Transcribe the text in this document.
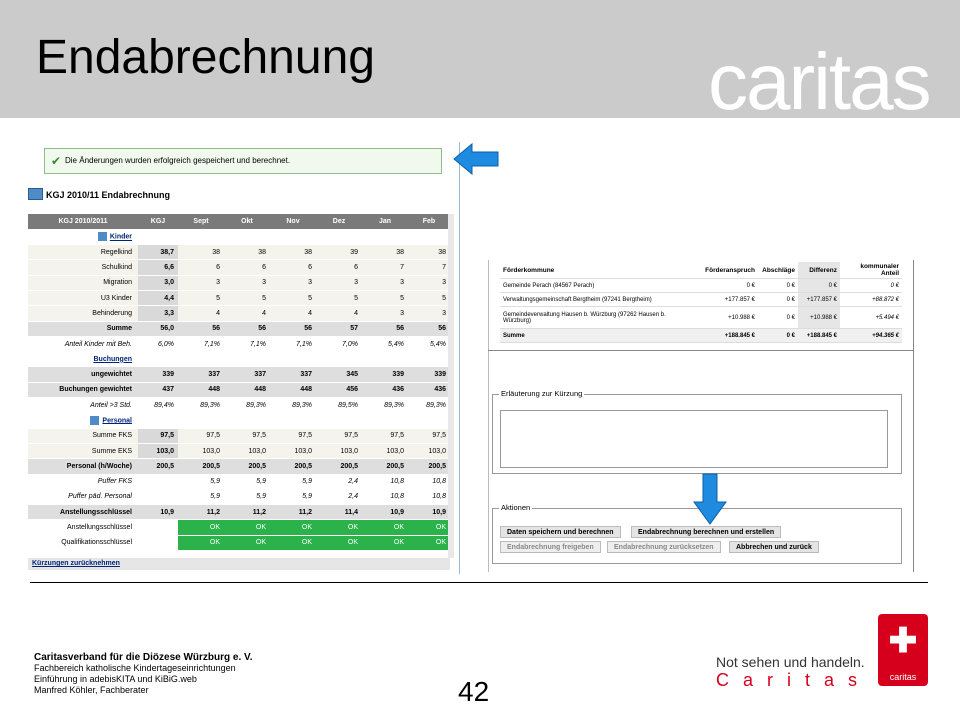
Endabrechnung	caritas
✔ Die Änderungen wurden erfolgreich gespeichert und berechnet.
KGJ 2010/11 Endabrechnung
KGJ 2010/2011	KGJ	Sept	Okt	Nov	Dez	Jan	Feb
Kinder							
Regelkind	38,7	38	38	38	39	38	38
Schulkind	6,6	6	6	6	6	7	7
Migration	3,0	3	3	3	3	3	3
U3 Kinder	4,4	5	5	5	5	5	5
Behinderung	3,3	4	4	4	4	3	3
Summe	56,0	56	56	56	57	56	56
Anteil Kinder mit Beh.	6,0%	7,1%	7,1%	7,1%	7,0%	5,4%	5,4%
Buchungen							
ungewichtet	339	337	337	337	345	339	339
Buchungen gewichtet	437	448	448	448	456	436	436
Anteil >3 Std.	89,4%	89,3%	89,3%	89,3%	89,5%	89,3%	89,3%
Personal							
Summe FKS	97,5	97,5	97,5	97,5	97,5	97,5	97,5
Summe EKS	103,0	103,0	103,0	103,0	103,0	103,0	103,0
Personal (h/Woche)	200,5	200,5	200,5	200,5	200,5	200,5	200,5
Puffer FKS		5,9	5,9	5,9	2,4	10,8	10,8
Puffer päd. Personal		5,9	5,9	5,9	2,4	10,8	10,8
Anstellungsschlüssel	10,9	11,2	11,2	11,2	11,4	10,9	10,9
Anstellungsschlüssel		OK	OK	OK	OK	OK	OK
Qualifikationsschlüssel		OK	OK	OK	OK	OK	OK
Kürzungen zurücknehmen
Förderkommune	Förderanspruch	Abschläge	Differenz	kommunaler Anteil
Gemeinde Perach (84567 Perach)	0 €	0 €	0 €	0 €
Verwaltungsgemeinschaft Bergtheim (97241 Bergtheim)	+177.857 €	0 €	+177.857 €	+88.872 €
Gemeindeverwaltung Hausen b. Würzburg (97262 Hausen b. Würzburg)	+10.988 €	0 €	+10.988 €	+5.494 €
Summe	+188.845 €	0 €	+188.845 €	+94.365 €
Erläuterung zur Kürzung
Aktionen
Daten speichern und berechnen	Endabrechnung berechnen und erstellen
Endabrechnung freigeben	Endabrechnung zurücksetzen	Abbrechen und zurück
Caritasverband für die Diözese Würzburg e. V.
Fachbereich katholische Kindertageseinrichtungen
Einführung in adebisKITA und KiBiG.web
Manfred Köhler, Fachberater	42
Not sehen und handeln.
Caritas
✚
caritas
